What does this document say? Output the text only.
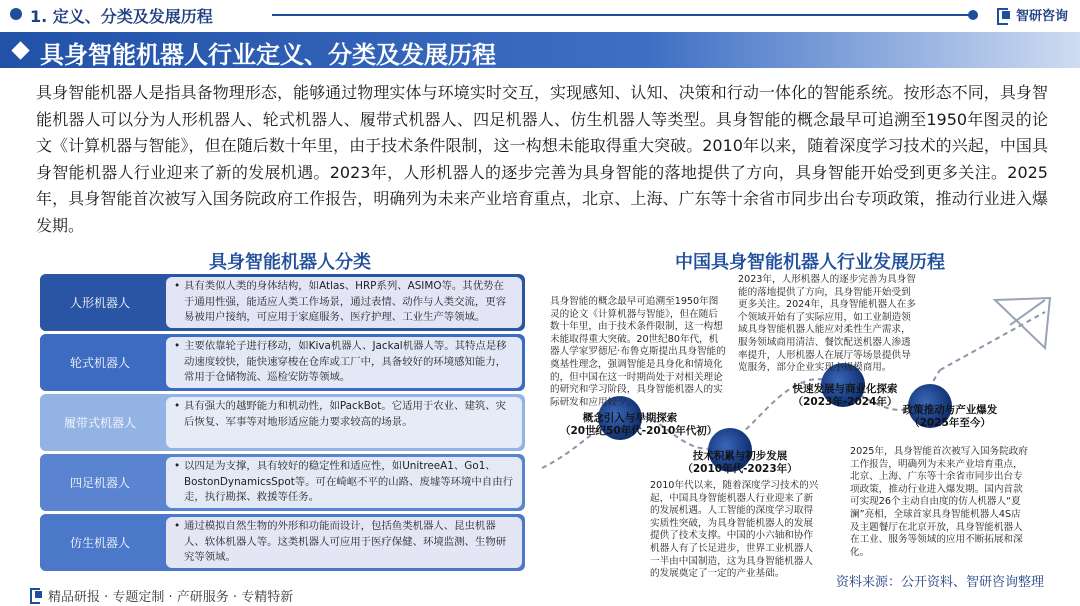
1. 定义、分类及发展历程	智研咨询
具身智能机器人行业定义、分类及发展历程
具身智能机器人是指具备物理形态，能够通过物理实体与环境实时交互，实现感知、认知、决策和行动一体化的智能系统。按形态不同，具身智能机器人可以分为人形机器人、轮式机器人、履带式机器人、四足机器人、仿生机器人等类型。具身智能的概念最早可追溯至1950年图灵的论文《计算机器与智能》，但在随后数十年里，由于技术条件限制，这一构想未能取得重大突破。2010年以来，随着深度学习技术的兴起，中国具身智能机器人行业迎来了新的发展机遇。2023年，人形机器人的逐步完善为具身智能的落地提供了方向，具身智能开始受到更多关注。2025年，具身智能首次被写入国务院政府工作报告，明确列为未来产业培育重点，北京、上海、广东等十余省市同步出台专项政策，推动行业进入爆发期。
具身智能机器人分类	中国具身智能机器人行业发展历程
人形机器人
• 具有类似人类的身体结构，如Atlas、HRP系列、ASIMO等。其优势在于通用性强，能适应人类工作场景，通过表情、动作与人类交流，更容易被用户接纳，可应用于家庭服务、医疗护理、工业生产等领域。
轮式机器人
• 主要依靠轮子进行移动，如Kiva机器人、Jackal机器人等。其特点是移动速度较快，能快速穿梭在仓库或工厂中，具备较好的环境感知能力，常用于仓储物流、巡检安防等领域。
履带式机器人
• 具有强大的越野能力和机动性，如PackBot。它适用于农业、建筑、灾后恢复、军事等对地形适应能力要求较高的场景。
四足机器人
• 以四足为支撑，具有较好的稳定性和适应性，如UnitreeA1、Go1、BostonDynamicsSpot等。可在崎岖不平的山路、废墟等环境中自由行走，执行勘探、救援等任务。
仿生机器人
• 通过模拟自然生物的外形和功能而设计，包括鱼类机器人、昆虫机器人、软体机器人等。这类机器人可应用于医疗保健、环境监测、生物研究等领域。
具身智能的概念最早可追溯至1950年图灵的论文《计算机器与智能》，但在随后数十年里，由于技术条件限制，这一构想未能取得重大突破。20世纪80年代，机器人学家罗德尼·布鲁克斯提出具身智能的奠基性理念，强调智能是具身化和情境化的，但中国在这一时期尚处于对相关理论的研究和学习阶段，具身智能机器人的实际研发和应用较少。
概念引入与早期探索
（20世纪50年代-2010年代初）
2010年代以来，随着深度学习技术的兴起，中国具身智能机器人行业迎来了新的发展机遇。人工智能的深度学习取得实质性突破，为具身智能机器人的发展提供了技术支撑。中国的小六轴和协作机器人有了长足进步，世界工业机器人一半由中国制造，这为具身智能机器人的发展奠定了一定的产业基础。
技术积累与初步发展
（2010年代-2023年）
2023年，人形机器人的逐步完善为具身智能的落地提供了方向，具身智能开始受到更多关注。2024年，具身智能机器人在多个领域开始有了实际应用，如工业制造领域具身智能机器人能应对柔性生产需求，服务领域商用清洁、餐饮配送机器人渗透率提升，人形机器人在展厅等场景提供导览服务，部分企业实现小规模商用。
快速发展与商业化探索
（2023年-2024年）
政策推动与产业爆发
（2025年至今）
2025年，具身智能首次被写入国务院政府工作报告，明确列为未来产业培育重点，北京、上海、广东等十余省市同步出台专项政策，推动行业进入爆发期。国内首款可实现26个主动自由度的仿人机器人“夏澜”亮相，全球首家具身智能机器人4S店及主题餐厅在北京开放，具身智能机器人在工业、服务等领域的应用不断拓展和深化。
资料来源：公开资料、智研咨询整理
精品研报 · 专题定制 · 产研服务 · 专精特新
